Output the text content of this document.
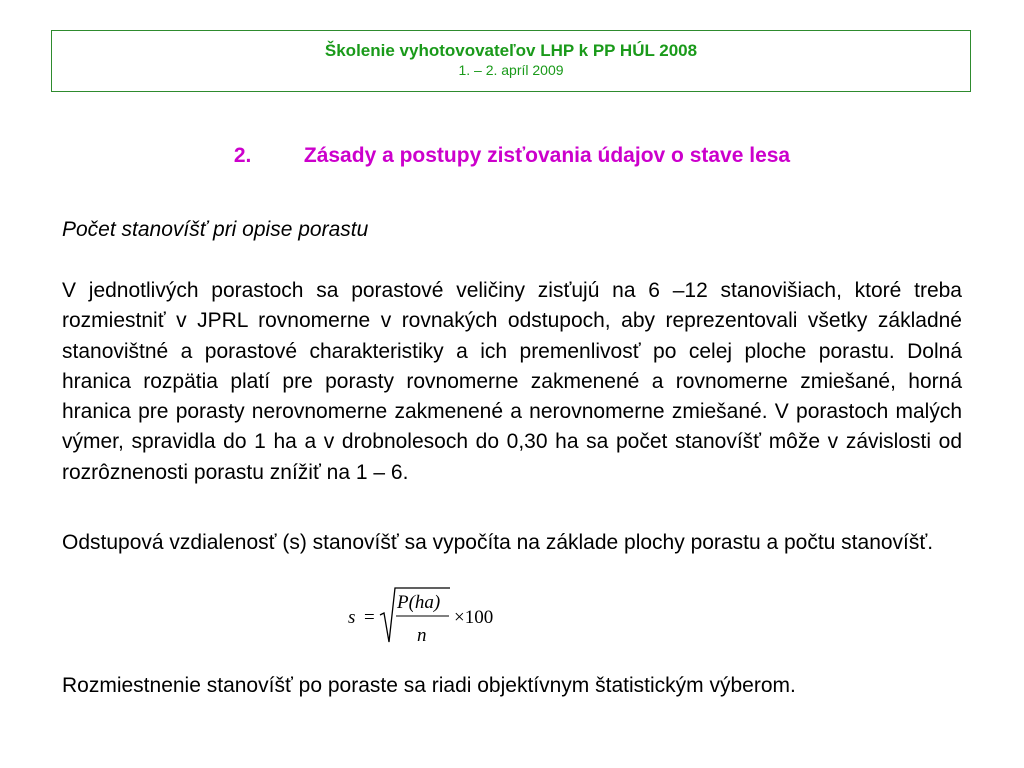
Školenie vyhotovovateľov LHP k PP HÚL 2008
1. – 2. apríl 2009
2. Zásady a postupy zisťovania údajov o stave lesa
Počet stanovíšť pri opise porastu

V jednotlivých porastoch sa porastové veličiny zisťujú na 6 –12 stanovišiach, ktoré treba rozmiestniť v JPRL rovnomerne v rovnakých odstupoch, aby reprezentovali všetky základné stanovištné a porastové charakteristiky a ich premenlivosť po celej ploche porastu. Dolná hranica rozpätia platí pre porasty rovnomerne zakmenené a rovnomerne zmiešané, horná hranica pre porasty nerovnomerne zakmenené a nerovnomerne zmiešané. V porastoch malých výmer, spravidla do 1 ha a v drobnolesoch do 0,30 ha sa počet stanovíšť môže v závislosti od rozrôznenosti porastu znížiť na 1 – 6.

Odstupová vzdialenosť (s) stanovíšť sa vypočíta na základe plochy porastu a počtu stanovíšť.

s =
P(ha)
n
×100

Rozmiestnenie stanovíšť po poraste sa riadi objektívnym štatistickým výberom.
